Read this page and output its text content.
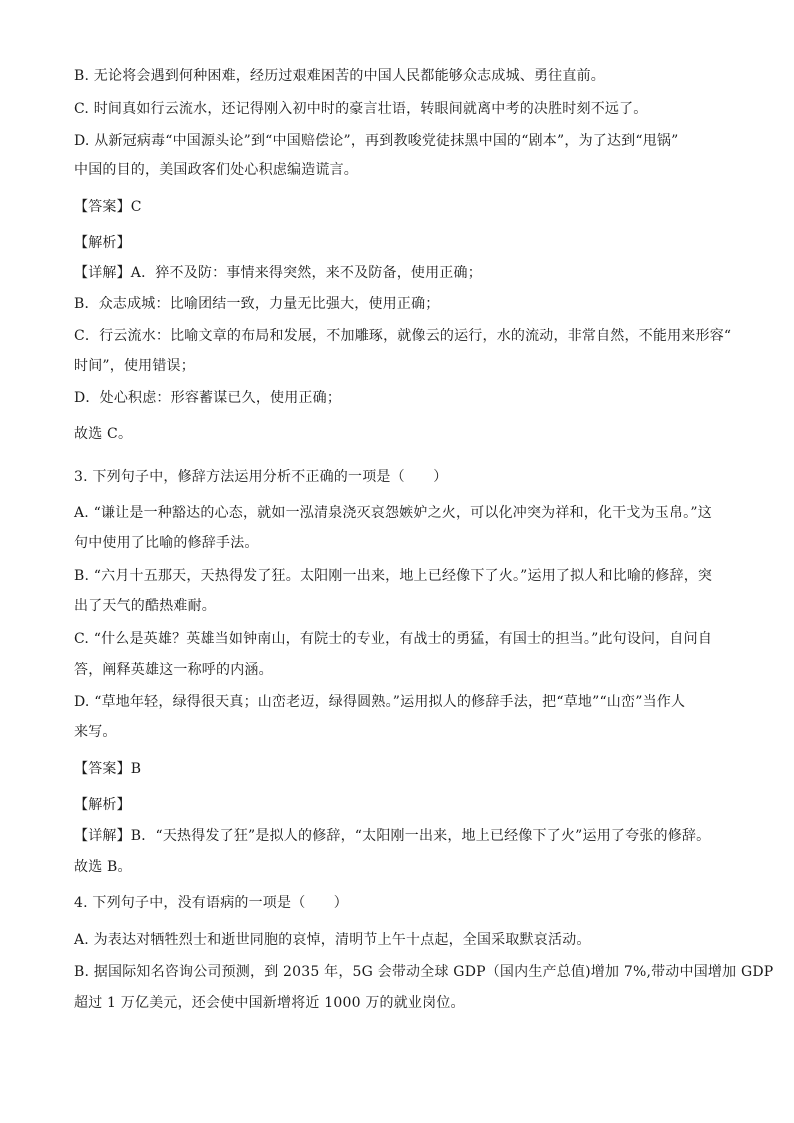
B. 无论将会遇到何种困难，经历过艰难困苦的中国人民都能够众志成城、勇往直前。
C. 时间真如行云流水，还记得刚入初中时的豪言壮语，转眼间就离中考的决胜时刻不远了。
D. 从新冠病毒“中国源头论”到“中国赔偿论”，再到教唆党徒抹黑中国的“剧本”，为了达到“甩锅”
中国的目的，美国政客们处心积虑编造谎言。
【答案】C
【解析】
【详解】A．猝不及防：事情来得突然，来不及防备，使用正确；
B．众志成城：比喻团结一致，力量无比强大，使用正确；
C．行云流水：比喻文章的布局和发展，不加雕琢，就像云的运行，水的流动，非常自然，不能用来形容“
时间”，使用错误；
D．处心积虑：形容蓄谋已久，使用正确；
故选 C。
3. 下列句子中，修辞方法运用分析不正确的一项是（　　）
A. “谦让是一种豁达的心态，就如一泓清泉浇灭哀怨嫉妒之火，可以化冲突为祥和，化干戈为玉帛。”这
句中使用了比喻的修辞手法。
B. “六月十五那天，天热得发了狂。太阳刚一出来，地上已经像下了火。”运用了拟人和比喻的修辞，突
出了天气的酷热难耐。
C. “什么是英雄？英雄当如钟南山，有院士的专业，有战士的勇猛，有国士的担当。”此句设问，自问自
答，阐释英雄这一称呼的内涵。
D. “草地年轻，绿得很天真；山峦老迈，绿得圆熟。”运用拟人的修辞手法，把“草地”“山峦”当作人
来写。
【答案】B
【解析】
【详解】B．“天热得发了狂”是拟人的修辞，“太阳刚一出来，地上已经像下了火”运用了夸张的修辞。
故选 B。
4. 下列句子中，没有语病的一项是（　　）
A. 为表达对牺牲烈士和逝世同胞的哀悼，清明节上午十点起，全国采取默哀活动。
B. 据国际知名咨询公司预测，到 2035 年，5G 会带动全球 GDP（国内生产总值)增加 7%,带动中国增加 GDP
超过 1 万亿美元，还会使中国新增将近 1000 万的就业岗位。
